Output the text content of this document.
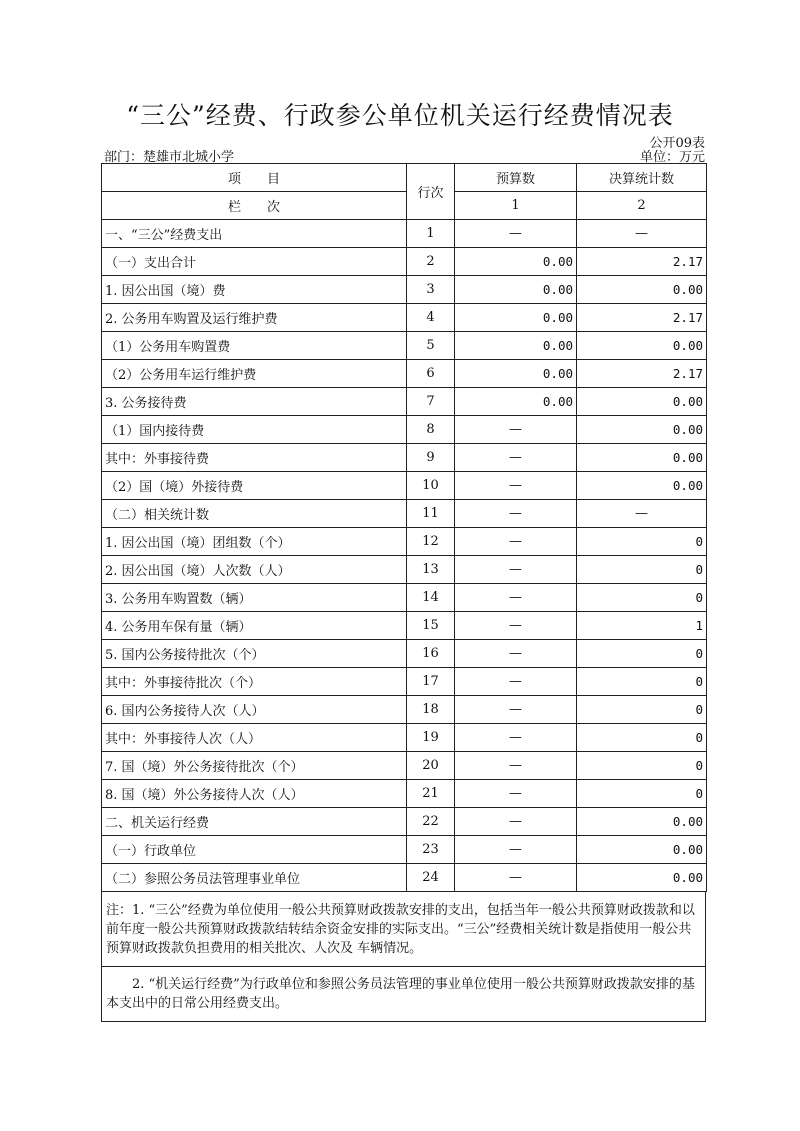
“三公”经费、行政参公单位机关运行经费情况表
公开09表
部门：楚雄市北城小学	单位：万元
项　　目	行次	预算数	决算统计数
栏　　次		1	2
一、“三公”经费支出	1	—	—
（一）支出合计	2	0.00	2.17
1. 因公出国（境）费	3	0.00	0.00
2. 公务用车购置及运行维护费	4	0.00	2.17
（1）公务用车购置费	5	0.00	0.00
（2）公务用车运行维护费	6	0.00	2.17
3. 公务接待费	7	0.00	0.00
（1）国内接待费	8	—	0.00
其中：外事接待费	9	—	0.00
（2）国（境）外接待费	10	—	0.00
（二）相关统计数	11	—	—
1. 因公出国（境）团组数（个）	12	—	0
2. 因公出国（境）人次数（人）	13	—	0
3. 公务用车购置数（辆）	14	—	0
4. 公务用车保有量（辆）	15	—	1
5. 国内公务接待批次（个）	16	—	0
其中：外事接待批次（个）	17	—	0
6. 国内公务接待人次（人）	18	—	0
其中：外事接待人次（人）	19	—	0
7. 国（境）外公务接待批次（个）	20	—	0
8. 国（境）外公务接待人次（人）	21	—	0
二、机关运行经费	22	—	0.00
（一）行政单位	23	—	0.00
（二）参照公务员法管理事业单位	24	—	0.00
注：1. “三公”经费为单位使用一般公共预算财政拨款安排的支出，包括当年一般公共预算财政拨款和以前年度一般公共预算财政拨款结转结余资金安排的实际支出。“三公”经费相关统计数是指使用一般公共预算财政拨款负担费用的相关批次、人次及 车辆情况。
2. “机关运行经费”为行政单位和参照公务员法管理的事业单位使用一般公共预算财政拨款安排的基本支出中的日常公用经费支出。
